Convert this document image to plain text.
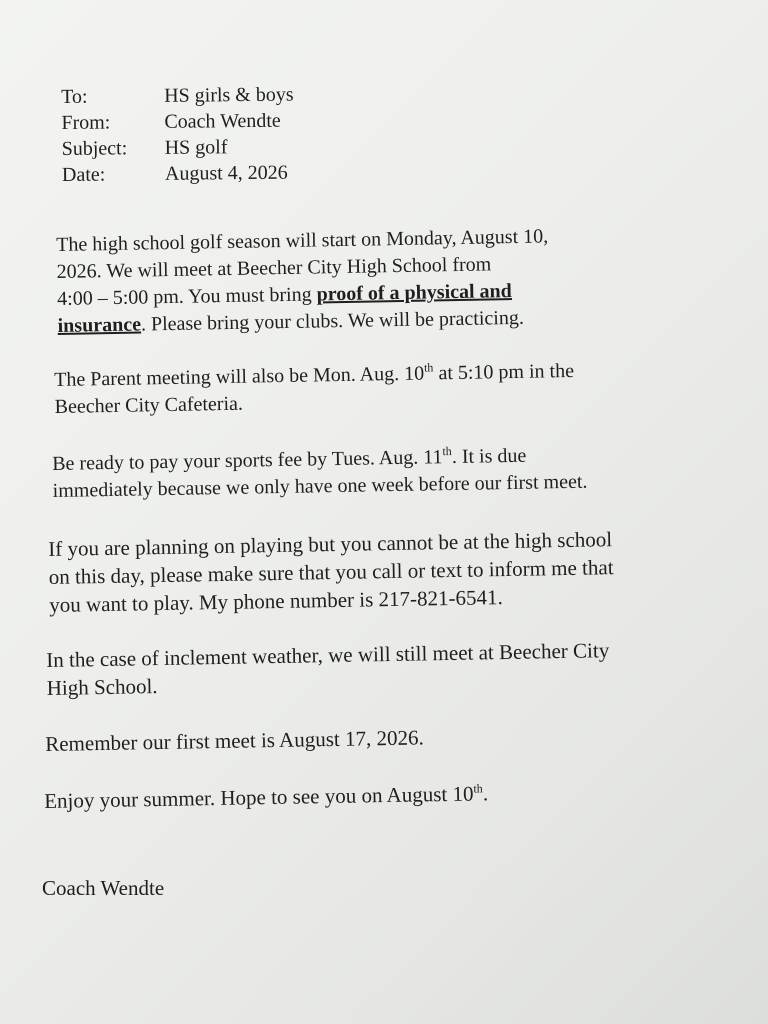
To:	HS girls & boys
From:	Coach Wendte
Subject:	HS golf
Date:	August 4, 2026
The high school golf season will start on Monday, August 10,
2026. We will meet at Beecher City High School from
4:00 – 5:00 pm. You must bring proof of a physical and
insurance. Please bring your clubs. We will be practicing.
The Parent meeting will also be Mon. Aug. 10th at 5:10 pm in the
Beecher City Cafeteria.
Be ready to pay your sports fee by Tues. Aug. 11th. It is due
immediately because we only have one week before our first meet.
If you are planning on playing but you cannot be at the high school
on this day, please make sure that you call or text to inform me that
you want to play. My phone number is 217-821-6541.
In the case of inclement weather, we will still meet at Beecher City
High School.
Remember our first meet is August 17, 2026.
Enjoy your summer. Hope to see you on August 10th.
Coach Wendte
